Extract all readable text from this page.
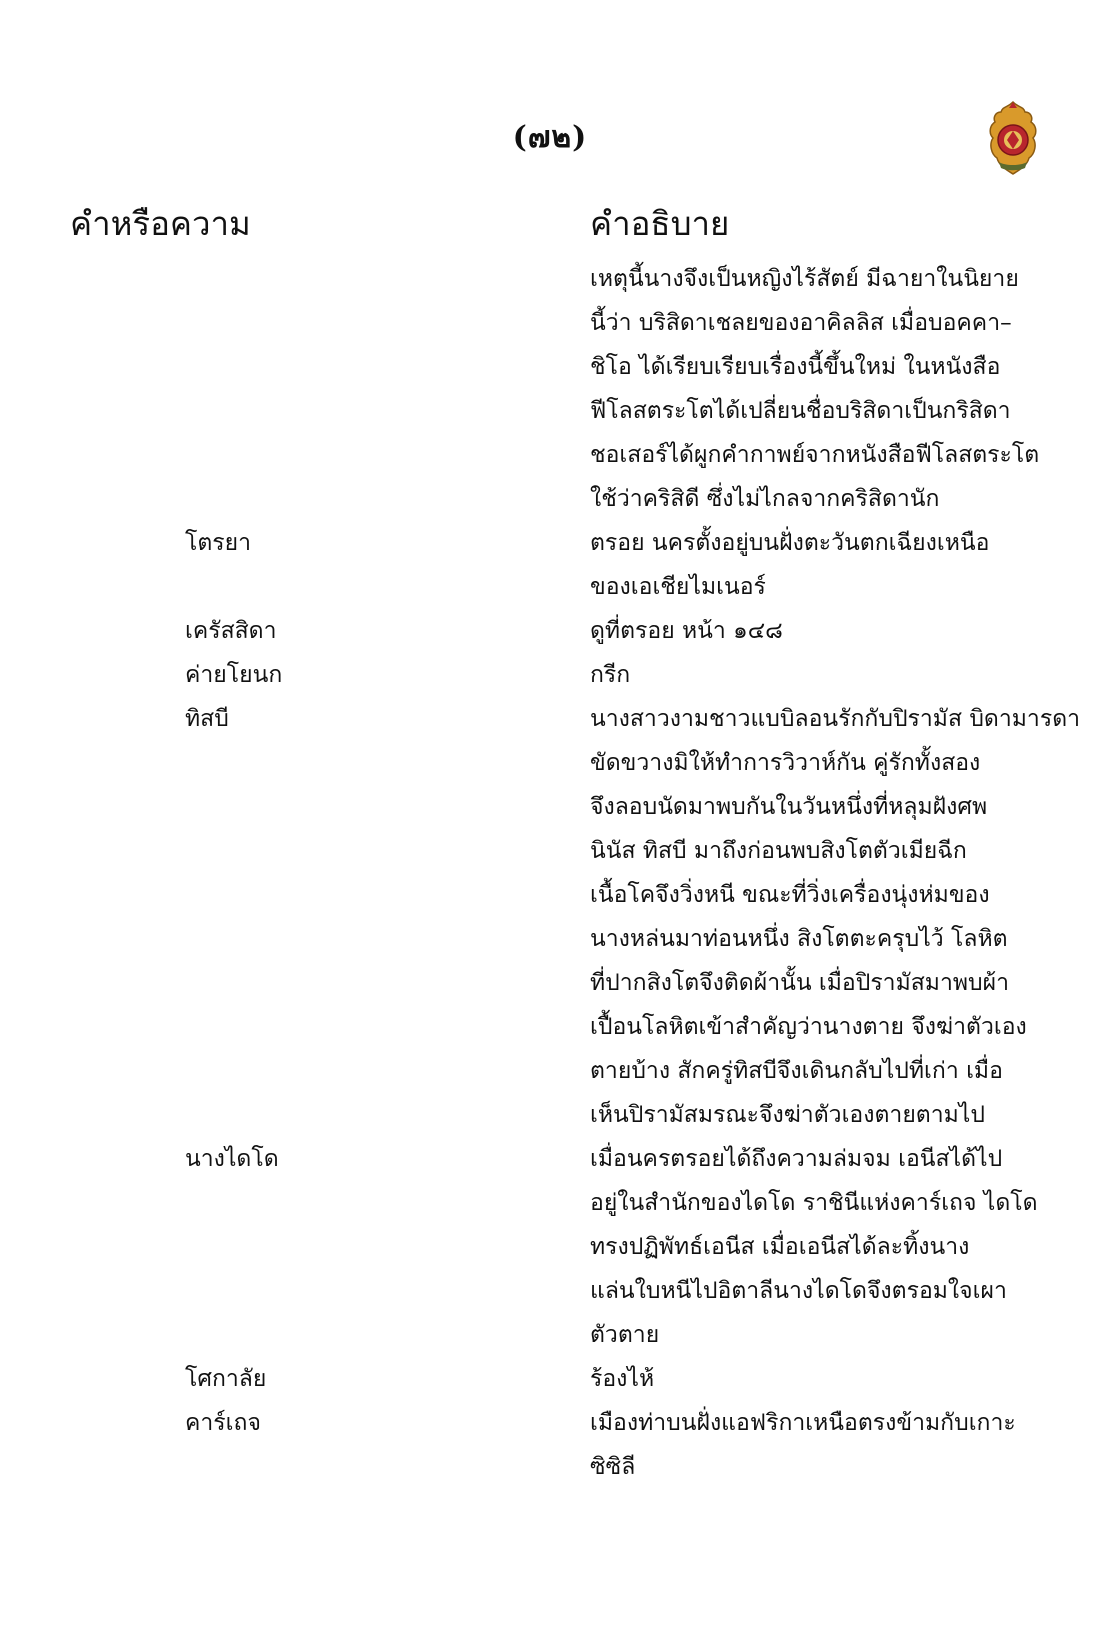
(๗๒)
คำหรือความ	คำอธิบาย
เหตุนี้นางจึงเป็นหญิงไร้สัตย์ มีฉายาในนิยาย
นี้ว่า บริสิดาเชลยของอาคิลลิส เมื่อบอคคา–
ชิโอ ได้เรียบเรียบเรื่องนี้ขึ้นใหม่ ในหนังสือ
ฟีโลสตระโตได้เปลี่ยนชื่อบริสิดาเป็นกริสิดา
ชอเสอร์ได้ผูกคำกาพย์จากหนังสือฟีโลสตระโต
ใช้ว่าคริสิดี ซึ่งไม่ไกลจากคริสิดานัก
โตรยา	ตรอย นครตั้งอยู่บนฝั่งตะวันตกเฉียงเหนือ
ของเอเชียไมเนอร์
เครัสสิดา	ดูที่ตรอย หน้า ๑๔๘
ค่ายโยนก	กรีก
ทิสบี	นางสาวงามชาวแบบิลอนรักกับปิรามัส บิดามารดา
ขัดขวางมิให้ทำการวิวาห์กัน คู่รักทั้งสอง
จึงลอบนัดมาพบกันในวันหนึ่งที่หลุมฝังศพ
นินัส ทิสบี มาถึงก่อนพบสิงโตตัวเมียฉีก
เนื้อโคจึงวิ่งหนี ขณะที่วิ่งเครื่องนุ่งห่มของ
นางหล่นมาท่อนหนึ่ง สิงโตตะครุบไว้ โลหิต
ที่ปากสิงโตจึงติดผ้านั้น เมื่อปิรามัสมาพบผ้า
เปื้อนโลหิตเข้าสำคัญว่านางตาย จึงฆ่าตัวเอง
ตายบ้าง สักครู่ทิสบีจึงเดินกลับไปที่เก่า เมื่อ
เห็นปิรามัสมรณะจึงฆ่าตัวเองตายตามไป
นางไดโด	เมื่อนครตรอยได้ถึงความล่มจม เอนีสได้ไป
อยู่ในสำนักของไดโด ราชินีแห่งคาร์เถจ ไดโด
ทรงปฏิพัทธ์เอนีส เมื่อเอนีสได้ละทิ้งนาง
แล่นใบหนีไปอิตาลีนางไดโดจึงตรอมใจเผา
ตัวตาย
โศกาลัย	ร้องไห้
คาร์เถจ	เมืองท่าบนฝั่งแอฟริกาเหนือตรงข้ามกับเกาะ
ซิซิลี
